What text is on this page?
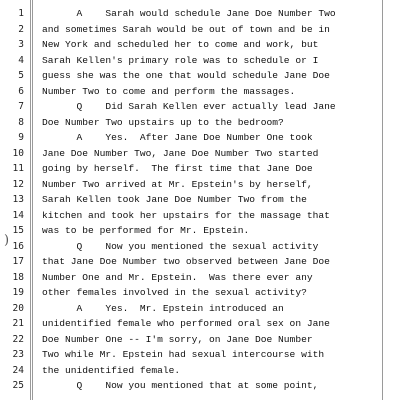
)
1 A    Sarah would schedule Jane Doe Number Two
2 and sometimes Sarah would be out of town and be in
3 New York and scheduled her to come and work, but
4 Sarah Kellen's primary role was to schedule or I
5 guess she was the one that would schedule Jane Doe
6 Number Two to come and perform the massages.
7 Q    Did Sarah Kellen ever actually lead Jane
8 Doe Number Two upstairs up to the bedroom?
9 A    Yes.  After Jane Doe Number One took
10 Jane Doe Number Two, Jane Doe Number Two started
11 going by herself.  The first time that Jane Doe
12 Number Two arrived at Mr. Epstein's by herself,
13 Sarah Kellen took Jane Doe Number Two from the
14 kitchen and took her upstairs for the massage that
15 was to be performed for Mr. Epstein.
16 Q    Now you mentioned the sexual activity
17 that Jane Doe Number two observed between Jane Doe
18 Number One and Mr. Epstein.  Was there ever any
19 other females involved in the sexual activity?
20 A    Yes.  Mr. Epstein introduced an
21 unidentified female who performed oral sex on Jane
22 Doe Number One -- I'm sorry, on Jane Doe Number
23 Two while Mr. Epstein had sexual intercourse with
24 the unidentified female.
25 Q    Now you mentioned that at some point,
